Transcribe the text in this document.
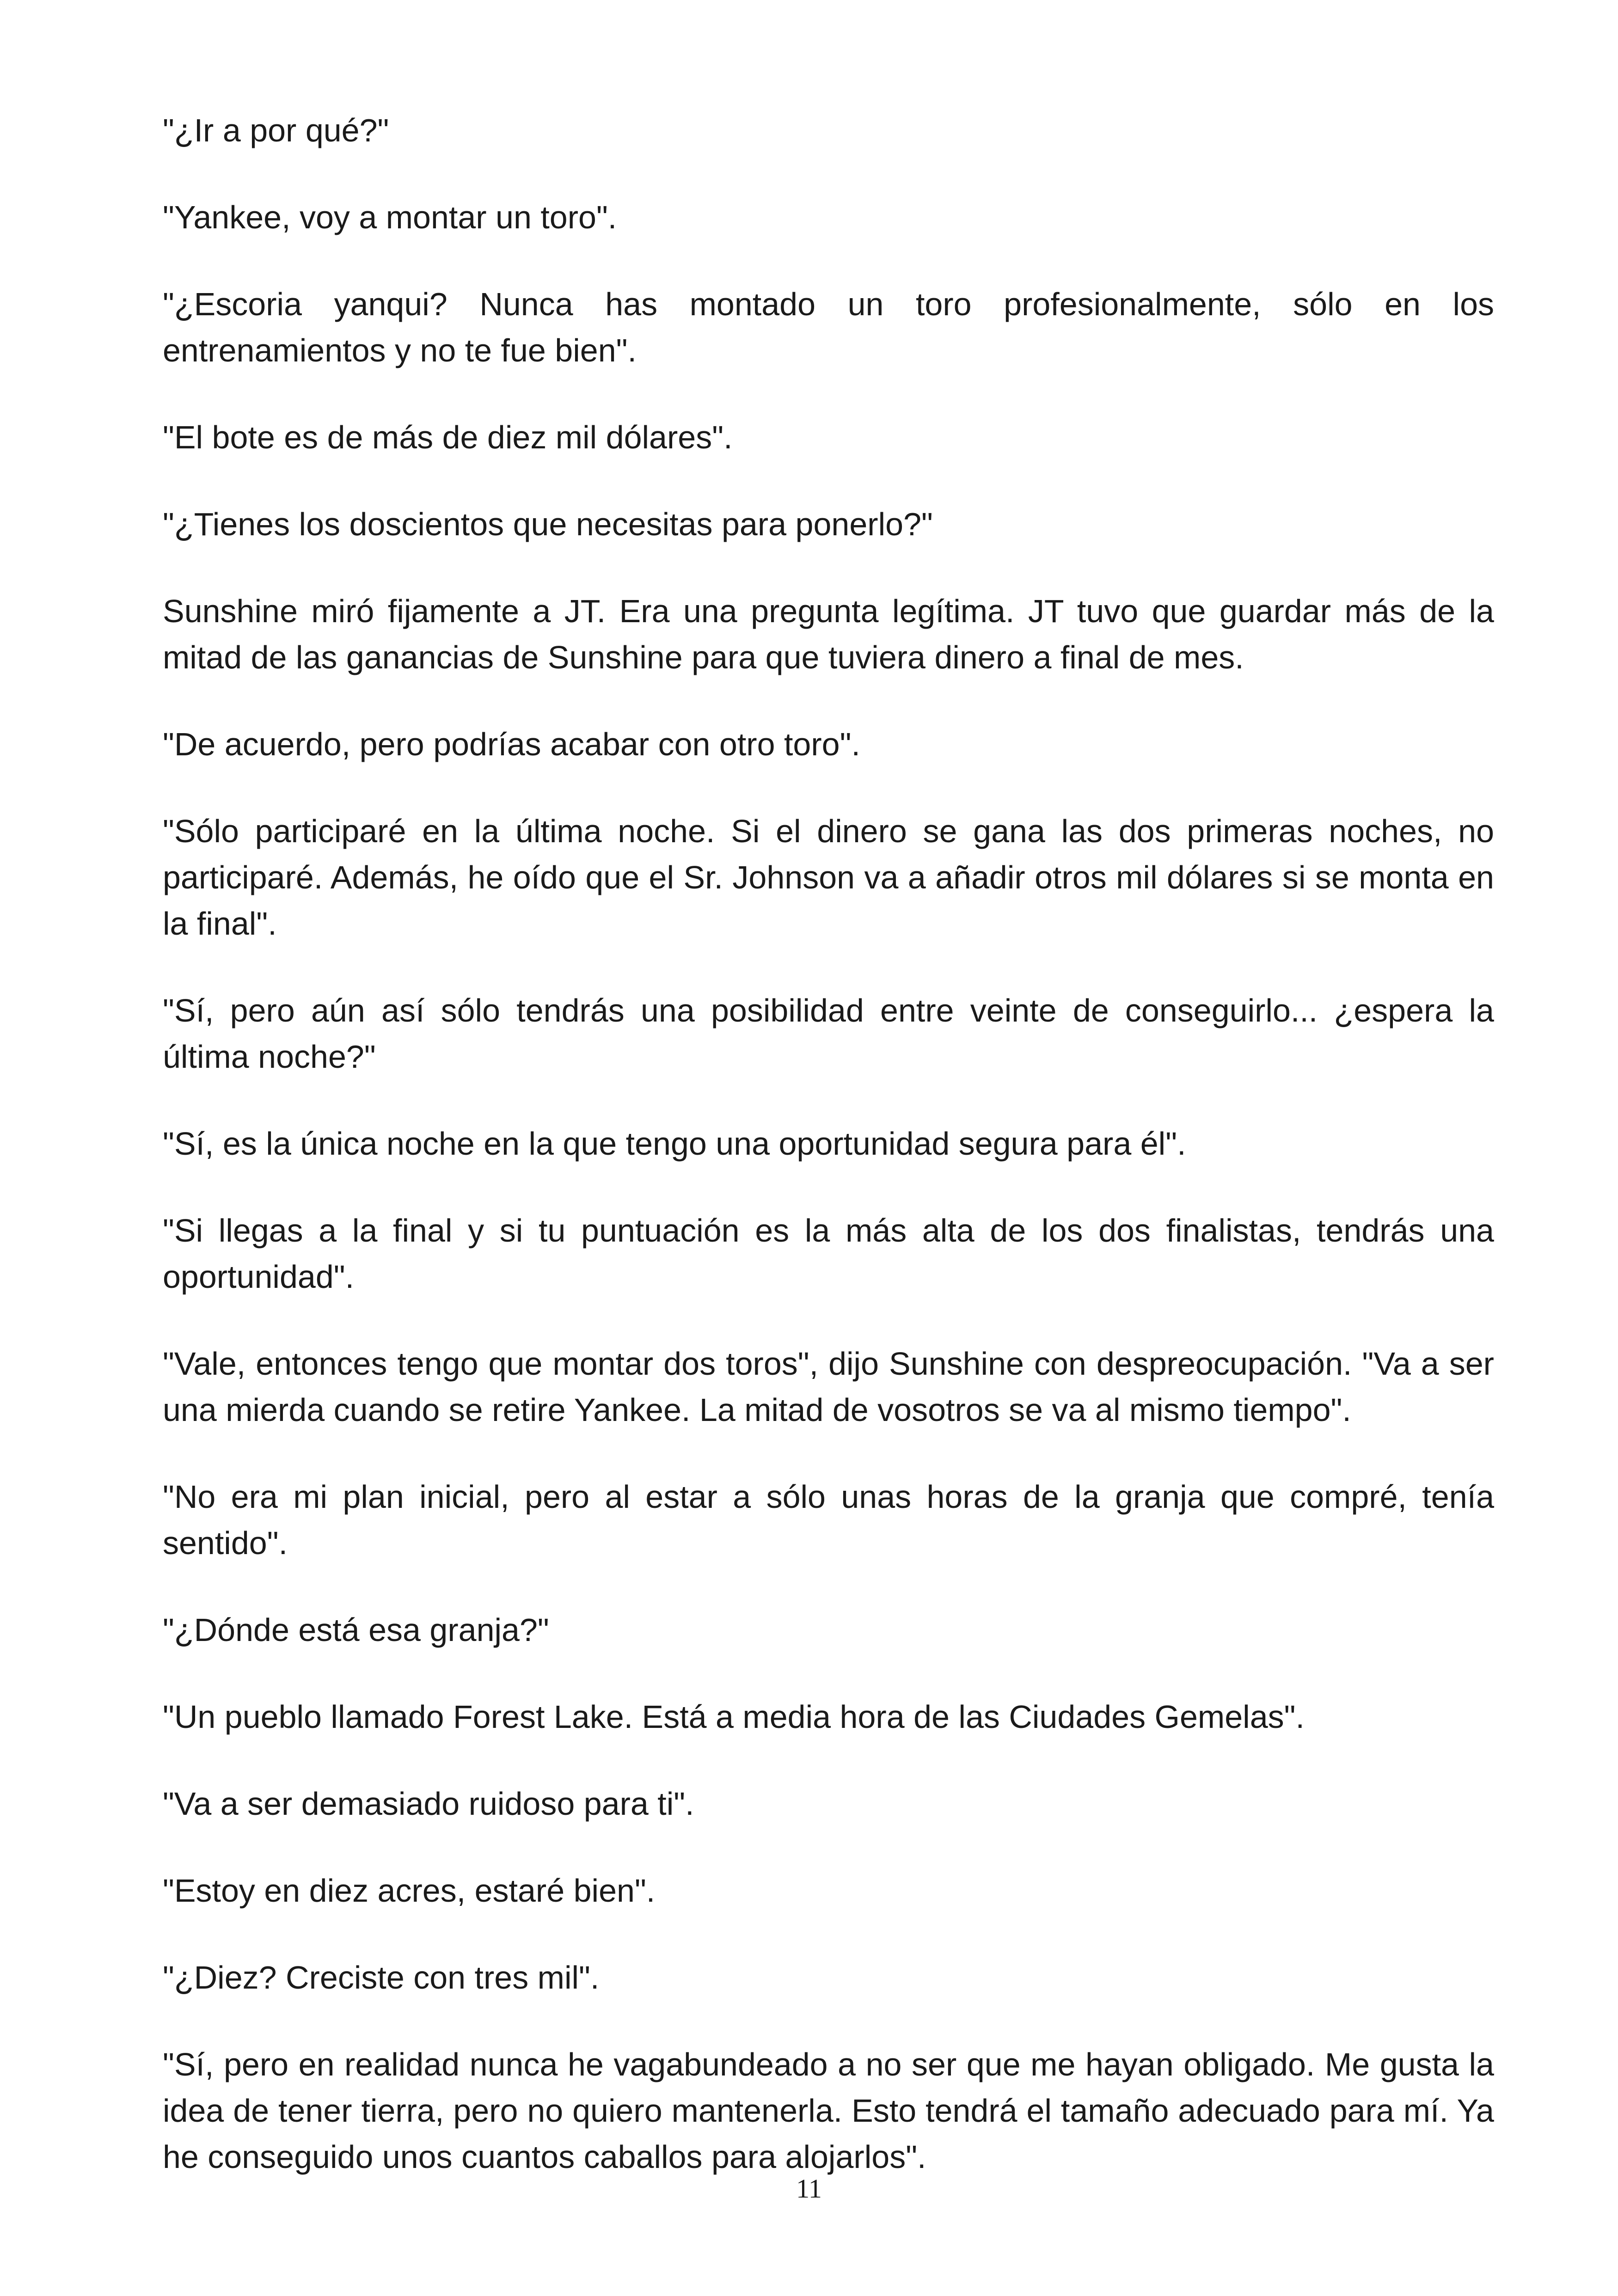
"¿Ir a por qué?"

"Yankee, voy a montar un toro".

"¿Escoria yanqui? Nunca has montado un toro profesionalmente, sólo en los entrenamientos y no te fue bien".

"El bote es de más de diez mil dólares".

"¿Tienes los doscientos que necesitas para ponerlo?"

Sunshine miró fijamente a JT. Era una pregunta legítima. JT tuvo que guardar más de la mitad de las ganancias de Sunshine para que tuviera dinero a final de mes.

"De acuerdo, pero podrías acabar con otro toro".

"Sólo participaré en la última noche. Si el dinero se gana las dos primeras noches, no participaré. Además, he oído que el Sr. Johnson va a añadir otros mil dólares si se monta en la final".

"Sí, pero aún así sólo tendrás una posibilidad entre veinte de conseguirlo... ¿espera la última noche?"

"Sí, es la única noche en la que tengo una oportunidad segura para él".

"Si llegas a la final y si tu puntuación es la más alta de los dos finalistas, tendrás una oportunidad".

"Vale, entonces tengo que montar dos toros", dijo Sunshine con despreocupación. "Va a ser una mierda cuando se retire Yankee. La mitad de vosotros se va al mismo tiempo".

"No era mi plan inicial, pero al estar a sólo unas horas de la granja que compré, tenía sentido".

"¿Dónde está esa granja?"

"Un pueblo llamado Forest Lake. Está a media hora de las Ciudades Gemelas".

"Va a ser demasiado ruidoso para ti".

"Estoy en diez acres, estaré bien".

"¿Diez? Creciste con tres mil".

"Sí, pero en realidad nunca he vagabundeado a no ser que me hayan obligado. Me gusta la idea de tener tierra, pero no quiero mantenerla. Esto tendrá el tamaño adecuado para mí. Ya he conseguido unos cuantos caballos para alojarlos".

11
